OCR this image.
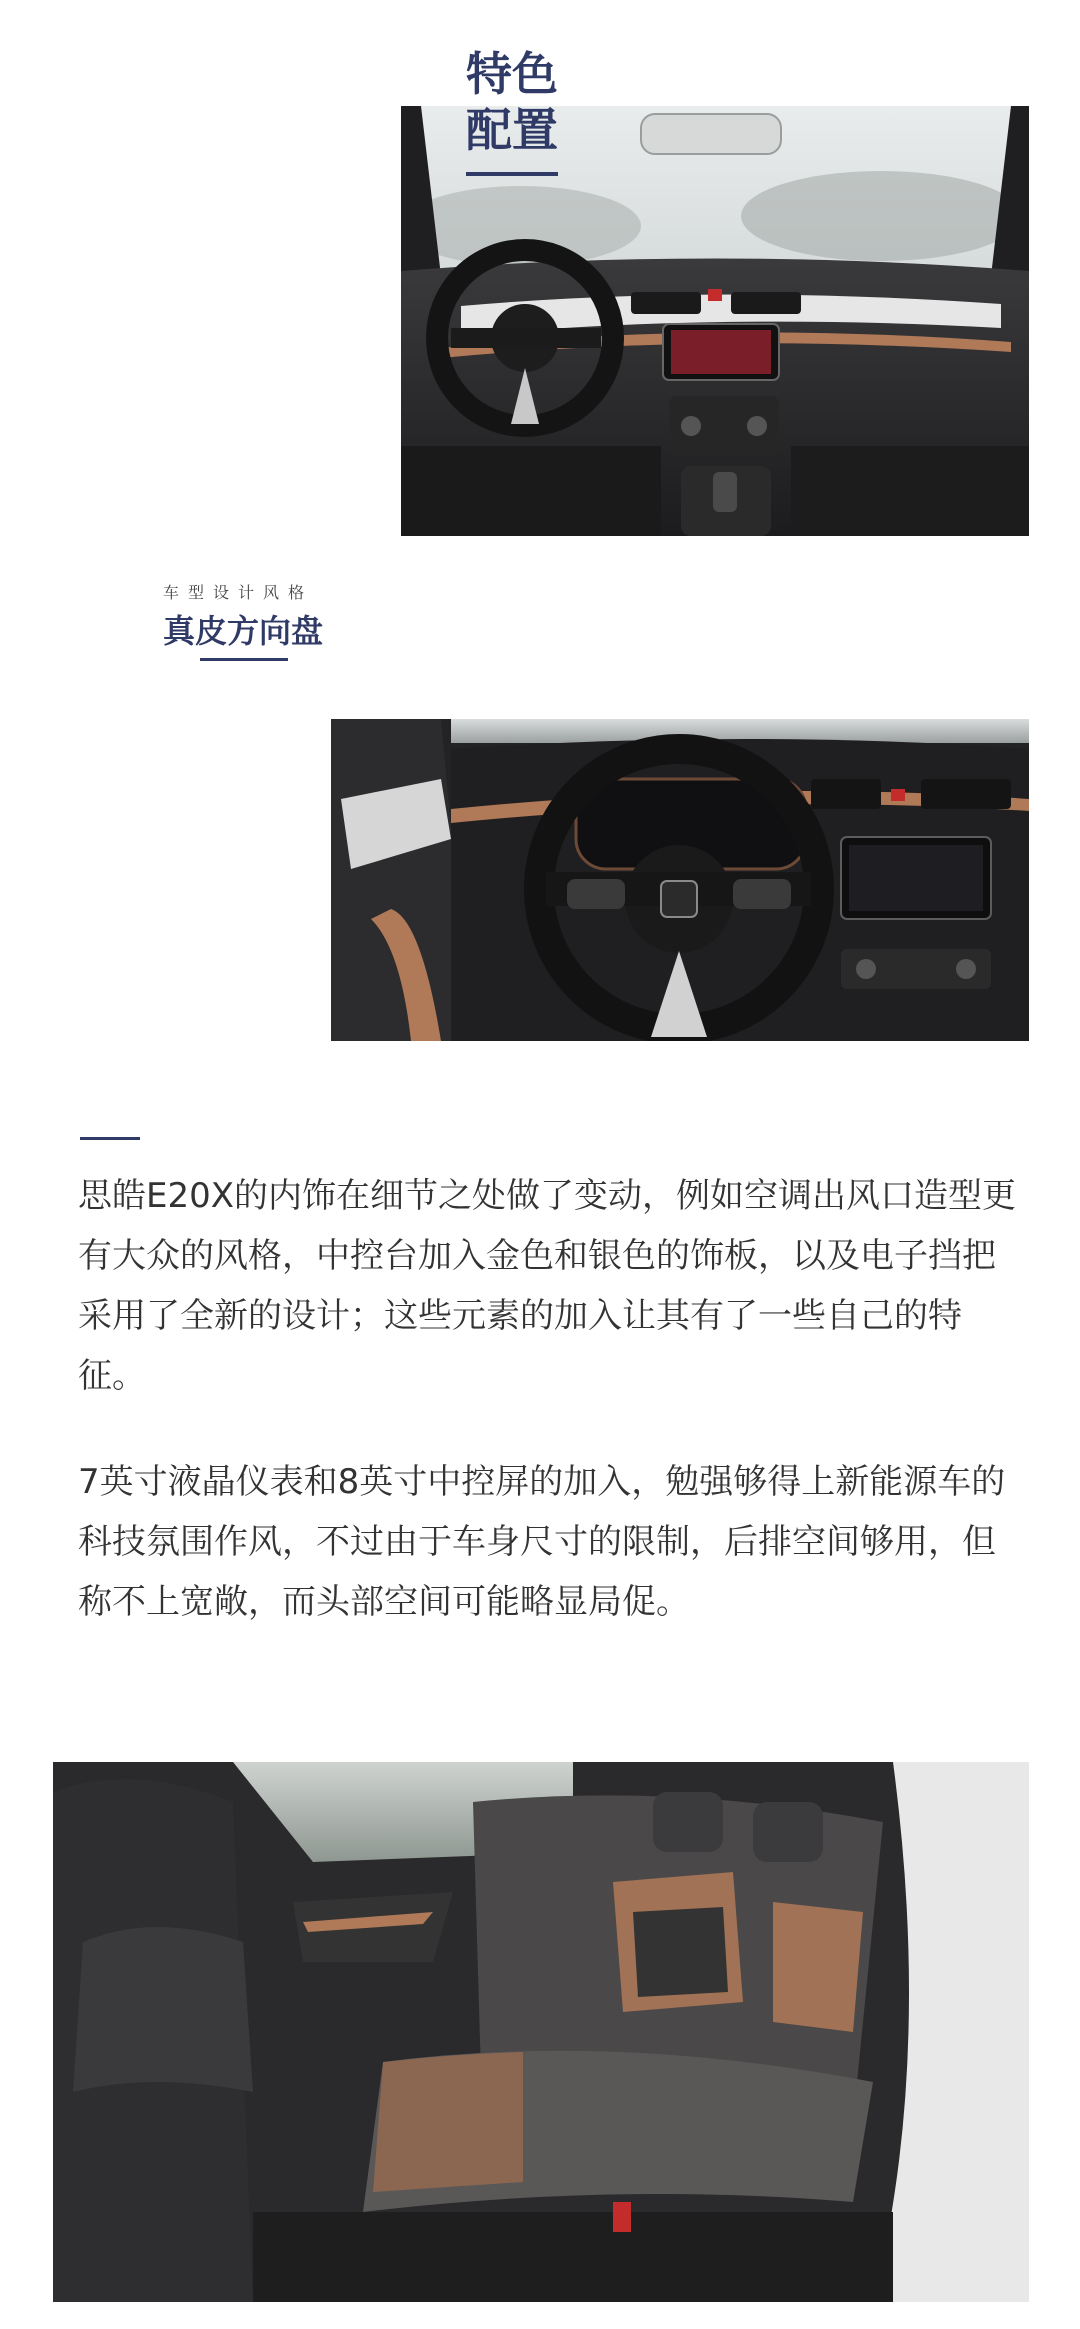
特色
配置
车型设计风格
真皮方向盘

思皓E20X的内饰在细节之处做了变动，例如空调出风口造型更有大众的风格，中控台加入金色和银色的饰板，以及电子挡把采用了全新的设计；这些元素的加入让其有了一些自己的特征。

7英寸液晶仪表和8英寸中控屏的加入，勉强够得上新能源车的科技氛围作风，不过由于车身尺寸的限制，后排空间够用，但称不上宽敞，而头部空间可能略显局促。
